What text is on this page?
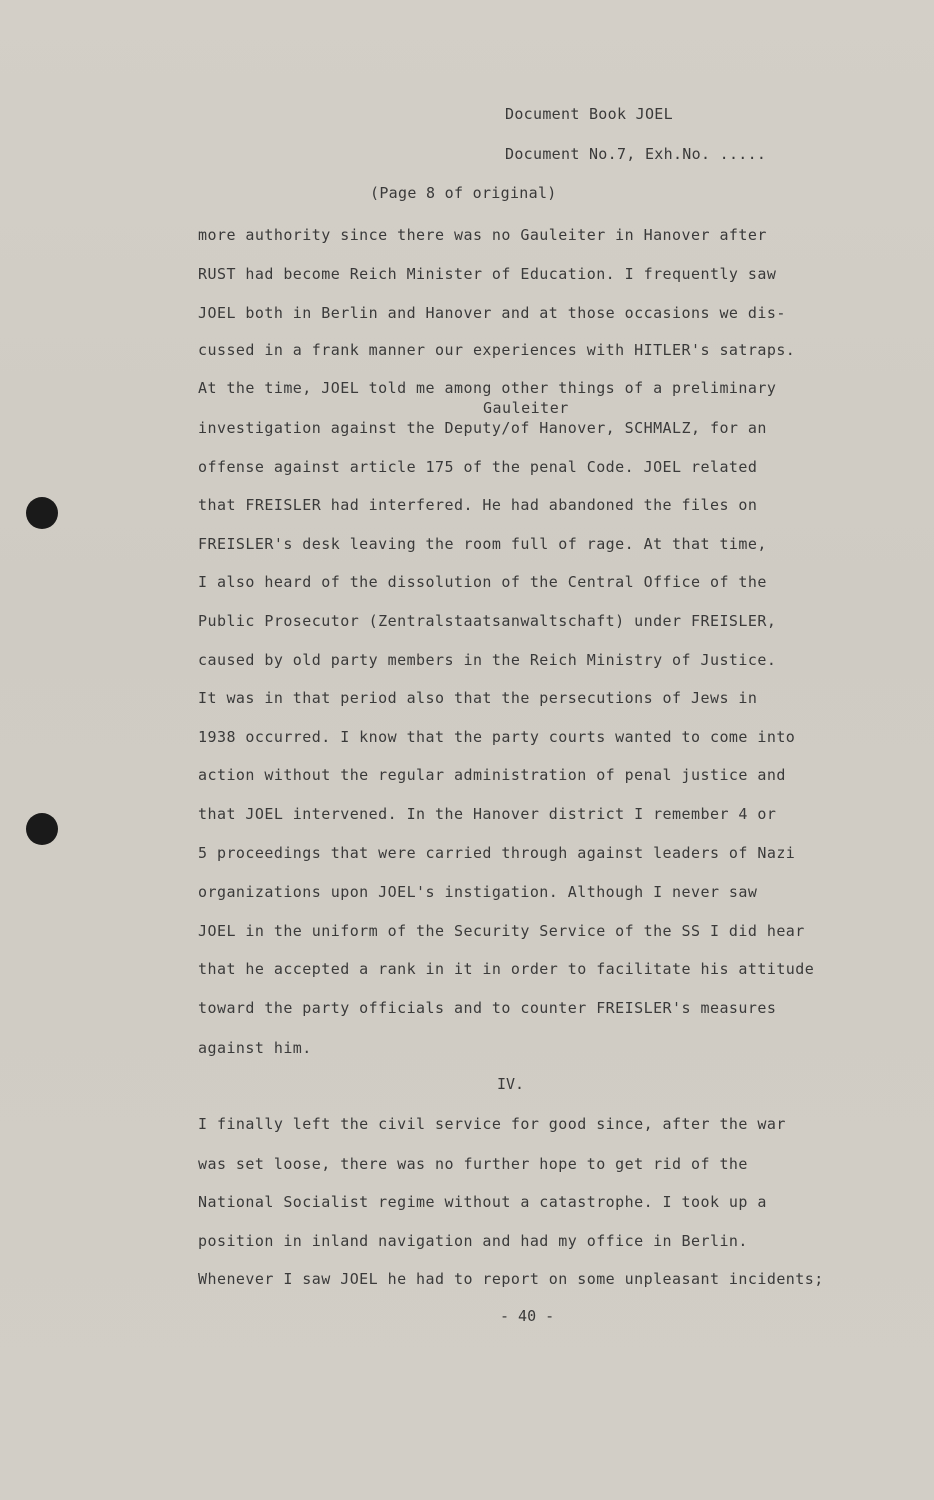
Document Book JOEL
Document No.7, Exh.No. .....
(Page 8 of original)
more authority since there was no Gauleiter in Hanover after
RUST had become Reich Minister of Education. I frequently saw
JOEL both in Berlin and Hanover and at those occasions we dis-
cussed in a frank manner our experiences with HITLER's satraps.
At the time, JOEL told me among other things of a preliminary
Gauleiter
investigation against the Deputy/of Hanover, SCHMALZ, for an
offense against article 175 of the penal Code. JOEL related
that FREISLER had interfered. He had abandoned the files on
FREISLER's desk leaving the room full of rage. At that time,
I also heard of the dissolution of the Central Office of the
Public Prosecutor (Zentralstaatsanwaltschaft) under FREISLER,
caused by old party members in the Reich Ministry of Justice.
It was in that period also that the persecutions of Jews in
1938 occurred. I know that the party courts wanted to come into
action without the regular administration of penal justice and
that JOEL intervened. In the Hanover district I remember 4 or
5 proceedings that were carried through against leaders of Nazi
organizations upon JOEL's instigation. Although I never saw
JOEL in the uniform of the Security Service of the SS I did hear
that he accepted a rank in it in order to facilitate his attitude
toward the party officials and to counter FREISLER's measures
against him.
IV.
I finally left the civil service for good since, after the war
was set loose, there was no further hope to get rid of the
National Socialist regime without a catastrophe. I took up a
position in inland navigation and had my office in Berlin.
Whenever I saw JOEL he had to report on some unpleasant incidents;
- 40 -
